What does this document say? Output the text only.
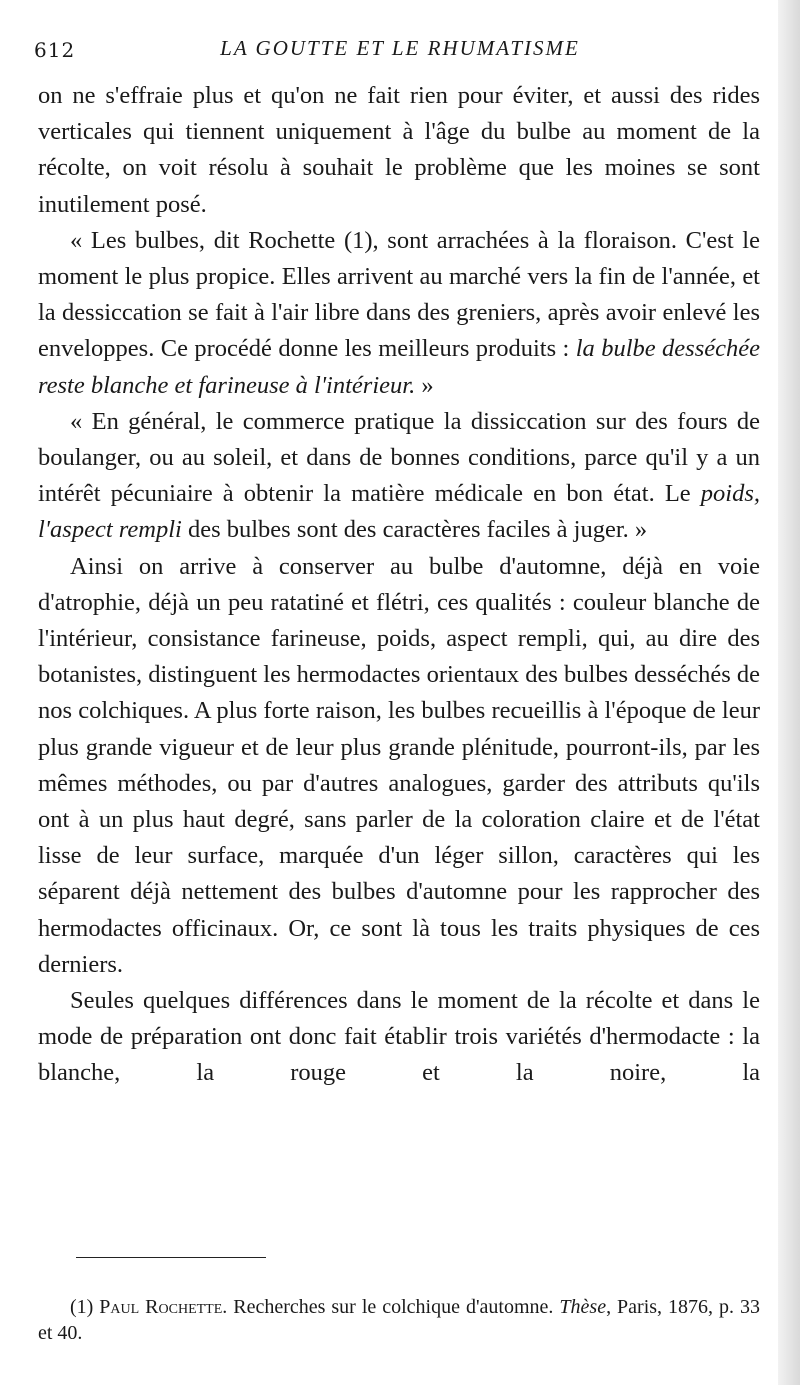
612	LA GOUTTE ET LE RHUMATISME

on ne s'effraie plus et qu'on ne fait rien pour éviter, et aussi des rides verticales qui tiennent uniquement à l'âge du bulbe au moment de la récolte, on voit résolu à souhait le problème que les moines se sont inutilement posé.

« Les bulbes, dit Rochette (1), sont arrachées à la floraison. C'est le moment le plus propice. Elles arrivent au marché vers la fin de l'année, et la dessiccation se fait à l'air libre dans des greniers, après avoir enlevé les enveloppes. Ce procédé donne les meilleurs produits : la bulbe desséchée reste blanche et farineuse à l'intérieur. »

« En général, le commerce pratique la dissiccation sur des fours de boulanger, ou au soleil, et dans de bonnes conditions, parce qu'il y a un intérêt pécuniaire à obtenir la matière médicale en bon état. Le poids, l'aspect rempli des bulbes sont des caractères faciles à juger. »

Ainsi on arrive à conserver au bulbe d'automne, déjà en voie d'atrophie, déjà un peu ratatiné et flétri, ces qualités : couleur blanche de l'intérieur, consistance farineuse, poids, aspect rempli, qui, au dire des botanistes, distinguent les hermodactes orientaux des bulbes desséchés de nos colchiques. A plus forte raison, les bulbes recueillis à l'époque de leur plus grande vigueur et de leur plus grande plénitude, pourront-ils, par les mêmes méthodes, ou par d'autres analogues, garder des attributs qu'ils ont à un plus haut degré, sans parler de la coloration claire et de l'état lisse de leur surface, marquée d'un léger sillon, caractères qui les séparent déjà nettement des bulbes d'automne pour les rapprocher des hermodactes officinaux. Or, ce sont là tous les traits physiques de ces derniers.

Seules quelques différences dans le moment de la récolte et dans le mode de préparation ont donc fait établir trois variétés d'hermodacte : la blanche, la rouge et la noire, la

(1) Paul Rochette. Recherches sur le colchique d'automne. Thèse, Paris, 1876, p. 33 et 40.
